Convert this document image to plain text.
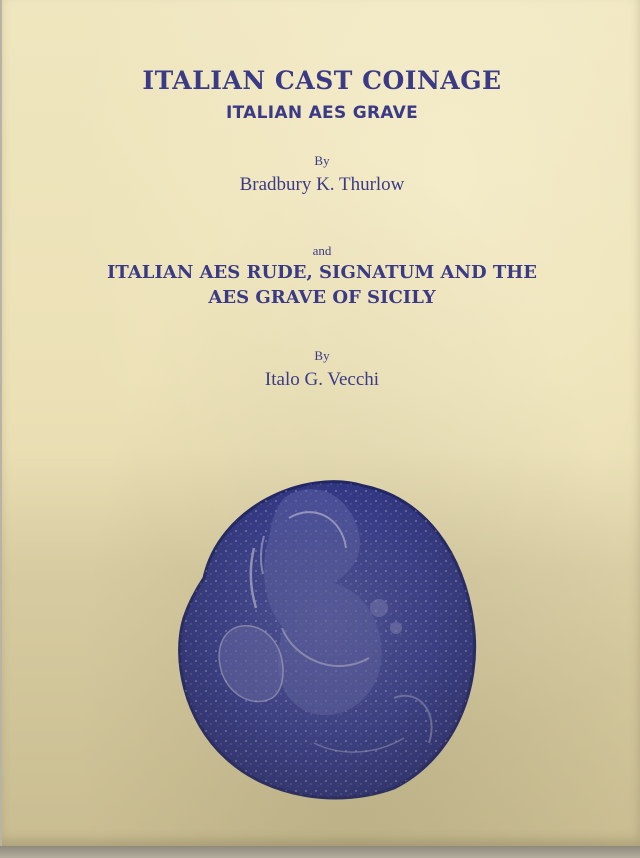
ITALIAN CAST COINAGE
ITALIAN AES GRAVE
By
Bradbury K. Thurlow
and
ITALIAN AES RUDE, SIGNATUM AND THE
AES GRAVE OF SICILY
By
Italo G. Vecchi
